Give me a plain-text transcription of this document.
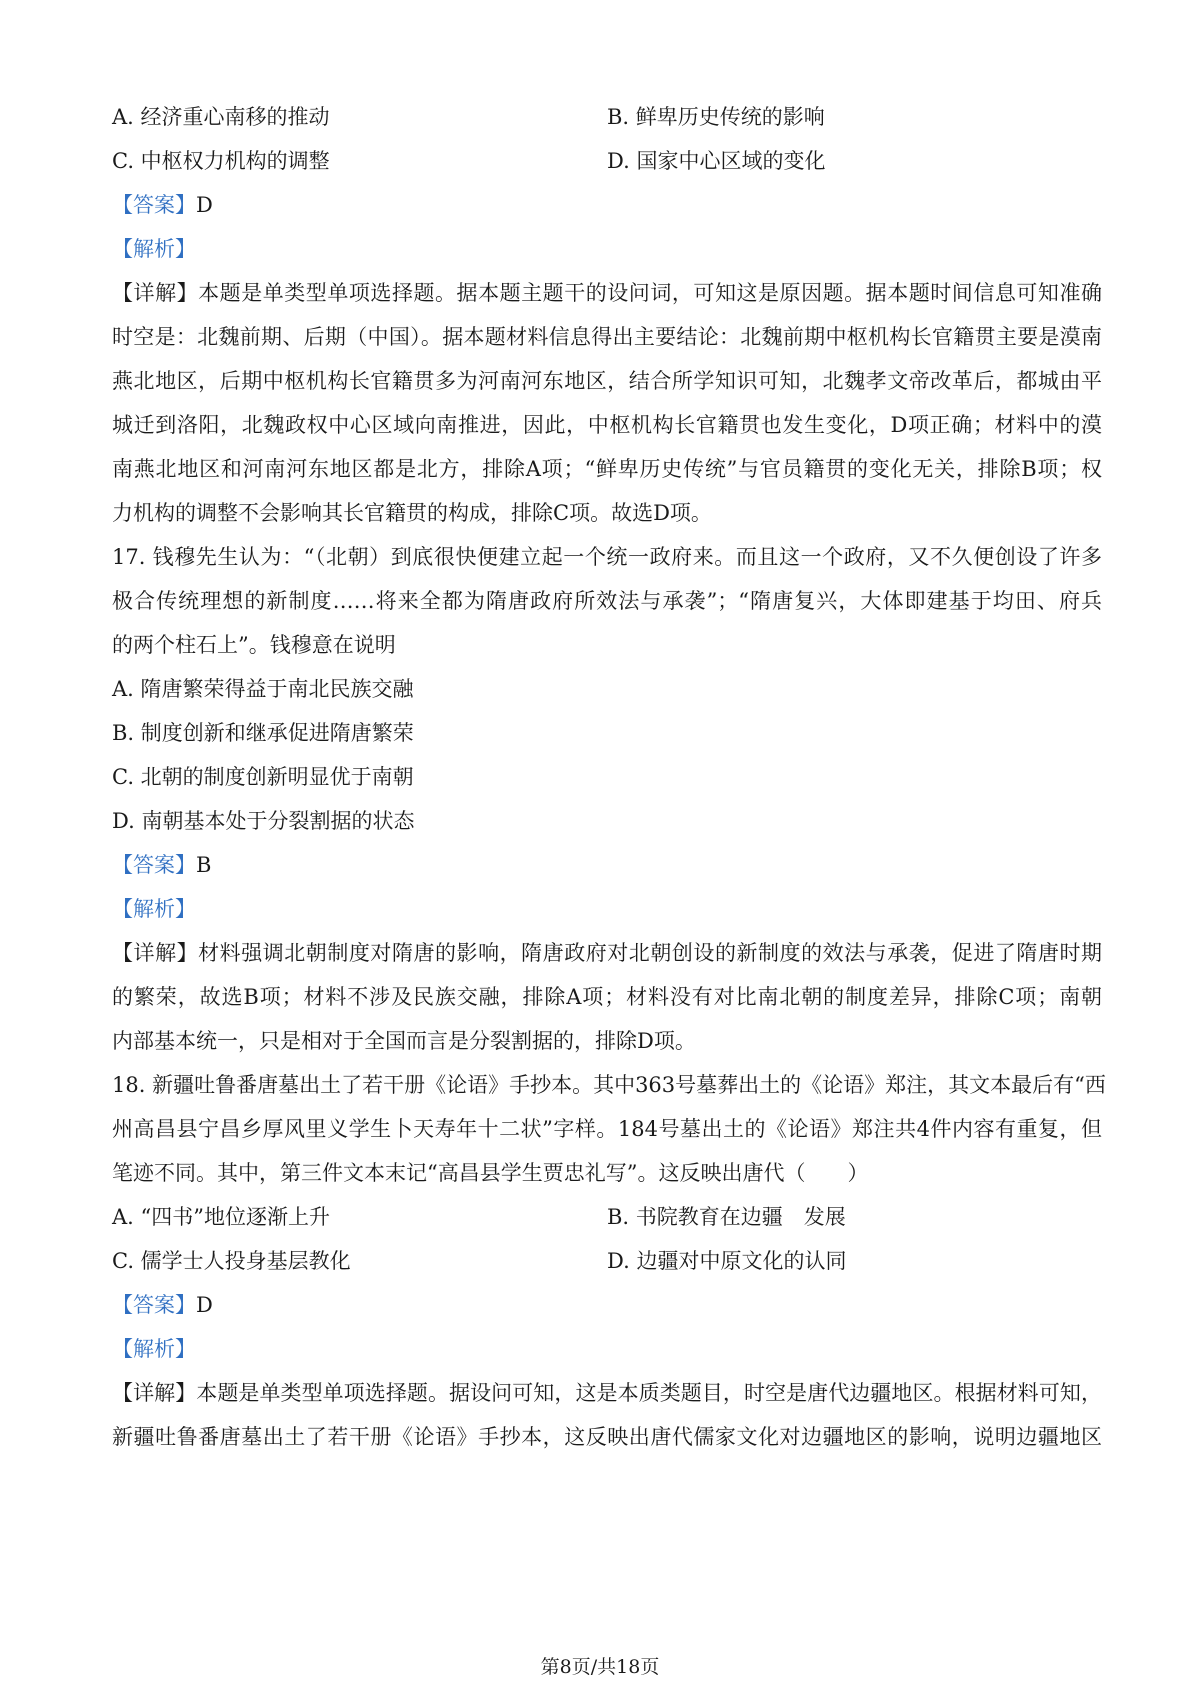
A. 经济重心南移的推动	B. 鲜卑历史传统的影响
C. 中枢权力机构的调整	D. 国家中心区域的变化
【答案】D
【解析】
【详解】本题是单类型单项选择题。据本题主题干的设问词，可知这是原因题。据本题时间信息可知准确
时空是：北魏前期、后期（中国）。据本题材料信息得出主要结论：北魏前期中枢机构长官籍贯主要是漠南
燕北地区，后期中枢机构长官籍贯多为河南河东地区，结合所学知识可知，北魏孝文帝改革后，都城由平
城迁到洛阳，北魏政权中心区域向南推进，因此，中枢机构长官籍贯也发生变化，D项正确；材料中的漠
南燕北地区和河南河东地区都是北方，排除A项；“鲜卑历史传统”与官员籍贯的变化无关，排除B项；权
力机构的调整不会影响其长官籍贯的构成，排除C项。故选D项。
17. 钱穆先生认为：“（北朝）到底很快便建立起一个统一政府来。而且这一个政府，又不久便创设了许多
极合传统理想的新制度……将来全都为隋唐政府所效法与承袭”；“隋唐复兴，大体即建基于均田、府兵
的两个柱石上”。钱穆意在说明
A. 隋唐繁荣得益于南北民族交融
B. 制度创新和继承促进隋唐繁荣
C. 北朝的制度创新明显优于南朝
D. 南朝基本处于分裂割据的状态
【答案】B
【解析】
【详解】材料强调北朝制度对隋唐的影响，隋唐政府对北朝创设的新制度的效法与承袭，促进了隋唐时期
的繁荣，故选B项；材料不涉及民族交融，排除A项；材料没有对比南北朝的制度差异，排除C项；南朝
内部基本统一，只是相对于全国而言是分裂割据的，排除D项。
18. 新疆吐鲁番唐墓出土了若干册《论语》手抄本。其中363号墓葬出土的《论语》郑注，其文本最后有“西
州高昌县宁昌乡厚风里义学生卜天寿年十二状”字样。184号墓出土的《论语》郑注共4件内容有重复，但
笔迹不同。其中，第三件文本末记“高昌县学生贾忠礼写”。这反映出唐代（　　）
A. “四书”地位逐渐上升	B. 书院教育在边疆　发展
C. 儒学士人投身基层教化	D. 边疆对中原文化的认同
【答案】D
【解析】
【详解】本题是单类型单项选择题。据设问可知，这是本质类题目，时空是唐代边疆地区。根据材料可知，
新疆吐鲁番唐墓出土了若干册《论语》手抄本，这反映出唐代儒家文化对边疆地区的影响，说明边疆地区
第8页/共18页
